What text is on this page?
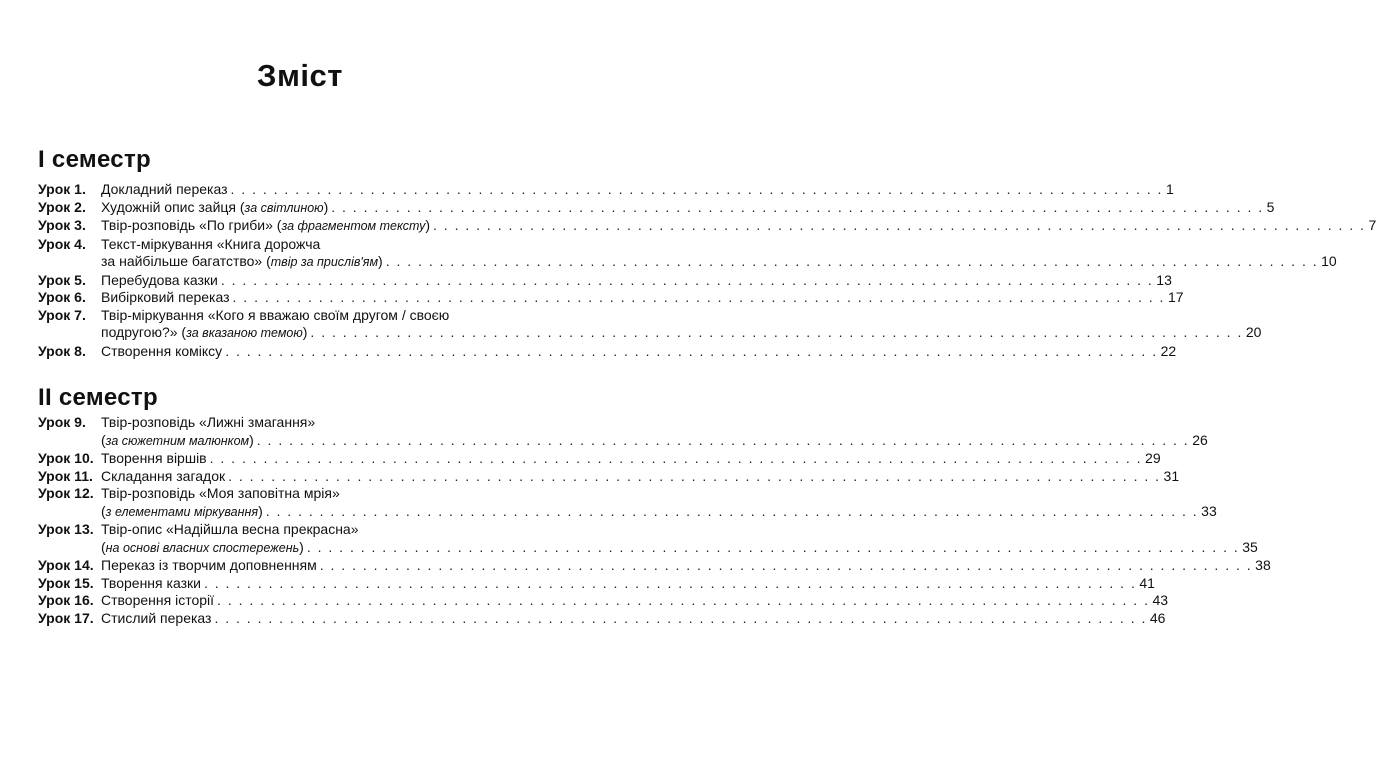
Зміст
І семестр
Урок 1.	Докладний переказ . . .	1
Урок 2.	Художній опис зайця (за світлиною) . . .	5
Урок 3.	Твір-розповідь «По гриби» (за фрагментом тексту) . . .	7
Урок 4.	Текст-міркування «Книга дорожча
за найбільше багатство» (твір за прислів'ям) . . .	10
Урок 5.	Перебудова казки . . .	13
Урок 6.	Вибірковий переказ . . .	17
Урок 7.	Твір-міркування «Кого я вважаю своїм другом / своєю
подругою?» (за вказаною темою) . . .	20
Урок 8.	Створення коміксу . . .	22
ІІ семестр
Урок 9.	Твір-розповідь «Лижні змагання»
(за сюжетним малюнком) . . .	26
Урок 10. Творення віршів . . .	29
Урок 11. Складання загадок . . .	31
Урок 12. Твір-розповідь «Моя заповітна мрія»
(з елементами міркування) . . .	33
Урок 13. Твір-опис «Надійшла весна прекрасна»
(на основі власних спостережень) . . .	35
Урок 14. Переказ із творчим доповненням . . .	38
Урок 15. Творення казки . . .	41
Урок 16. Створення історії . . .	43
Урок 17. Стислий переказ . . .	46
